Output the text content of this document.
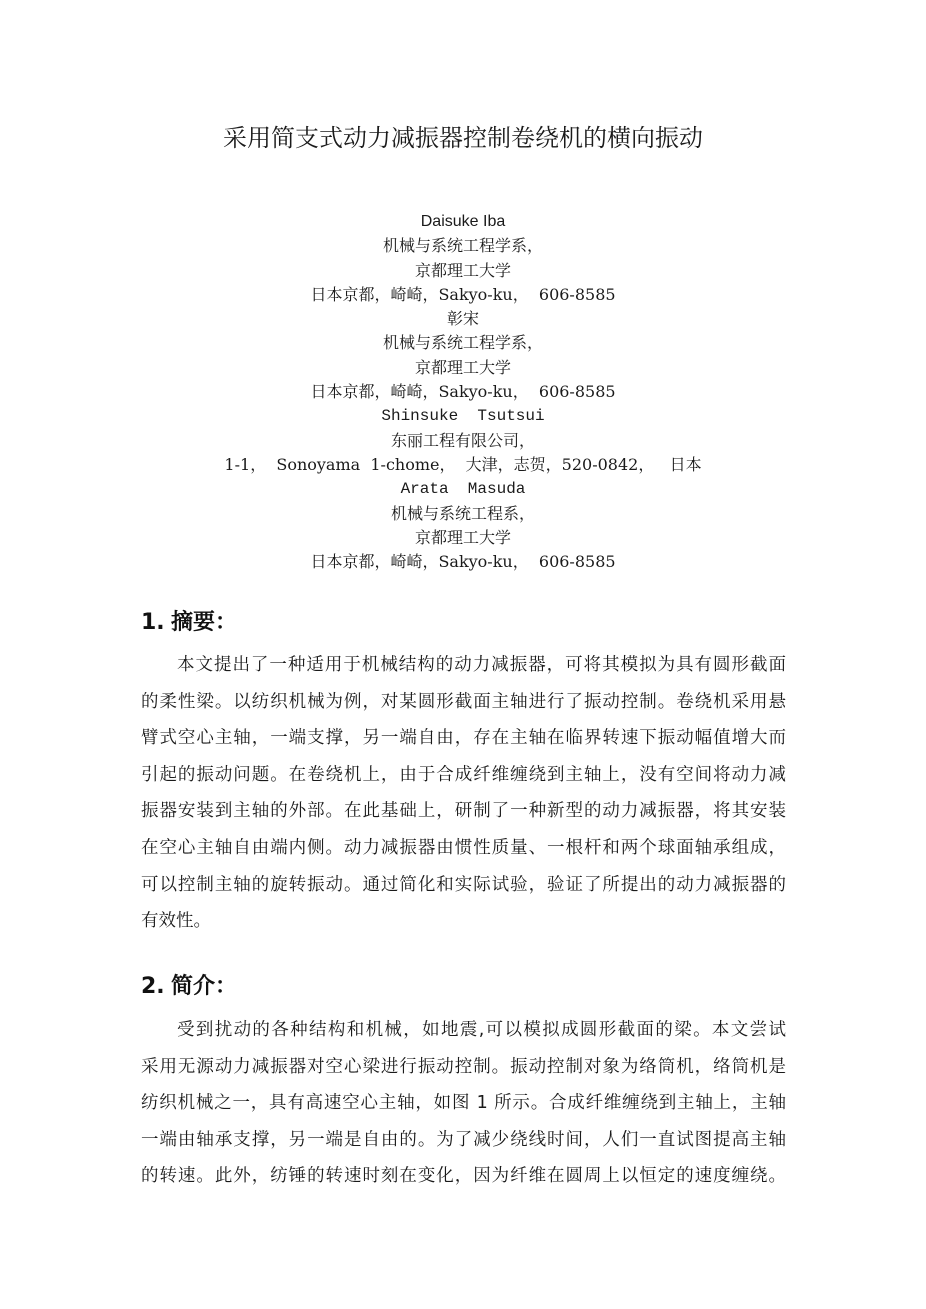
采用简支式动力减振器控制卷绕机的横向振动
Daisuke Iba
机械与系统工程学系，
京都理工大学
日本京都，崎崎，Sakyo-ku，  606-8585
彰宋
机械与系统工程学系，
京都理工大学
日本京都，崎崎，Sakyo-ku，  606-8585
Shinsuke  Tsutsui
东丽工程有限公司，
1-1，  Sonoyama  1-chome，  大津，志贺，520-0842，   日本
Arata  Masuda
机械与系统工程系，
京都理工大学
日本京都，崎崎，Sakyo-ku，  606-8585
1. 摘要：
本文提出了一种适用于机械结构的动力减振器，可将其模拟为具有圆形截面
的柔性梁。以纺织机械为例，对某圆形截面主轴进行了振动控制。卷绕机采用悬
臂式空心主轴，一端支撑，另一端自由，存在主轴在临界转速下振动幅值增大而
引起的振动问题。在卷绕机上，由于合成纤维缠绕到主轴上，没有空间将动力减
振器安装到主轴的外部。在此基础上，研制了一种新型的动力减振器，将其安装
在空心主轴自由端内侧。动力减振器由惯性质量、一根杆和两个球面轴承组成，
可以控制主轴的旋转振动。通过简化和实际试验，验证了所提出的动力减振器的
有效性。
2. 简介：
受到扰动的各种结构和机械，如地震,可以模拟成圆形截面的梁。本文尝试
采用无源动力减振器对空心梁进行振动控制。振动控制对象为络筒机，络筒机是
纺织机械之一，具有高速空心主轴，如图 1 所示。合成纤维缠绕到主轴上，主轴
一端由轴承支撑，另一端是自由的。为了减少绕线时间，人们一直试图提高主轴
的转速。此外，纺锤的转速时刻在变化，因为纤维在圆周上以恒定的速度缠绕。
